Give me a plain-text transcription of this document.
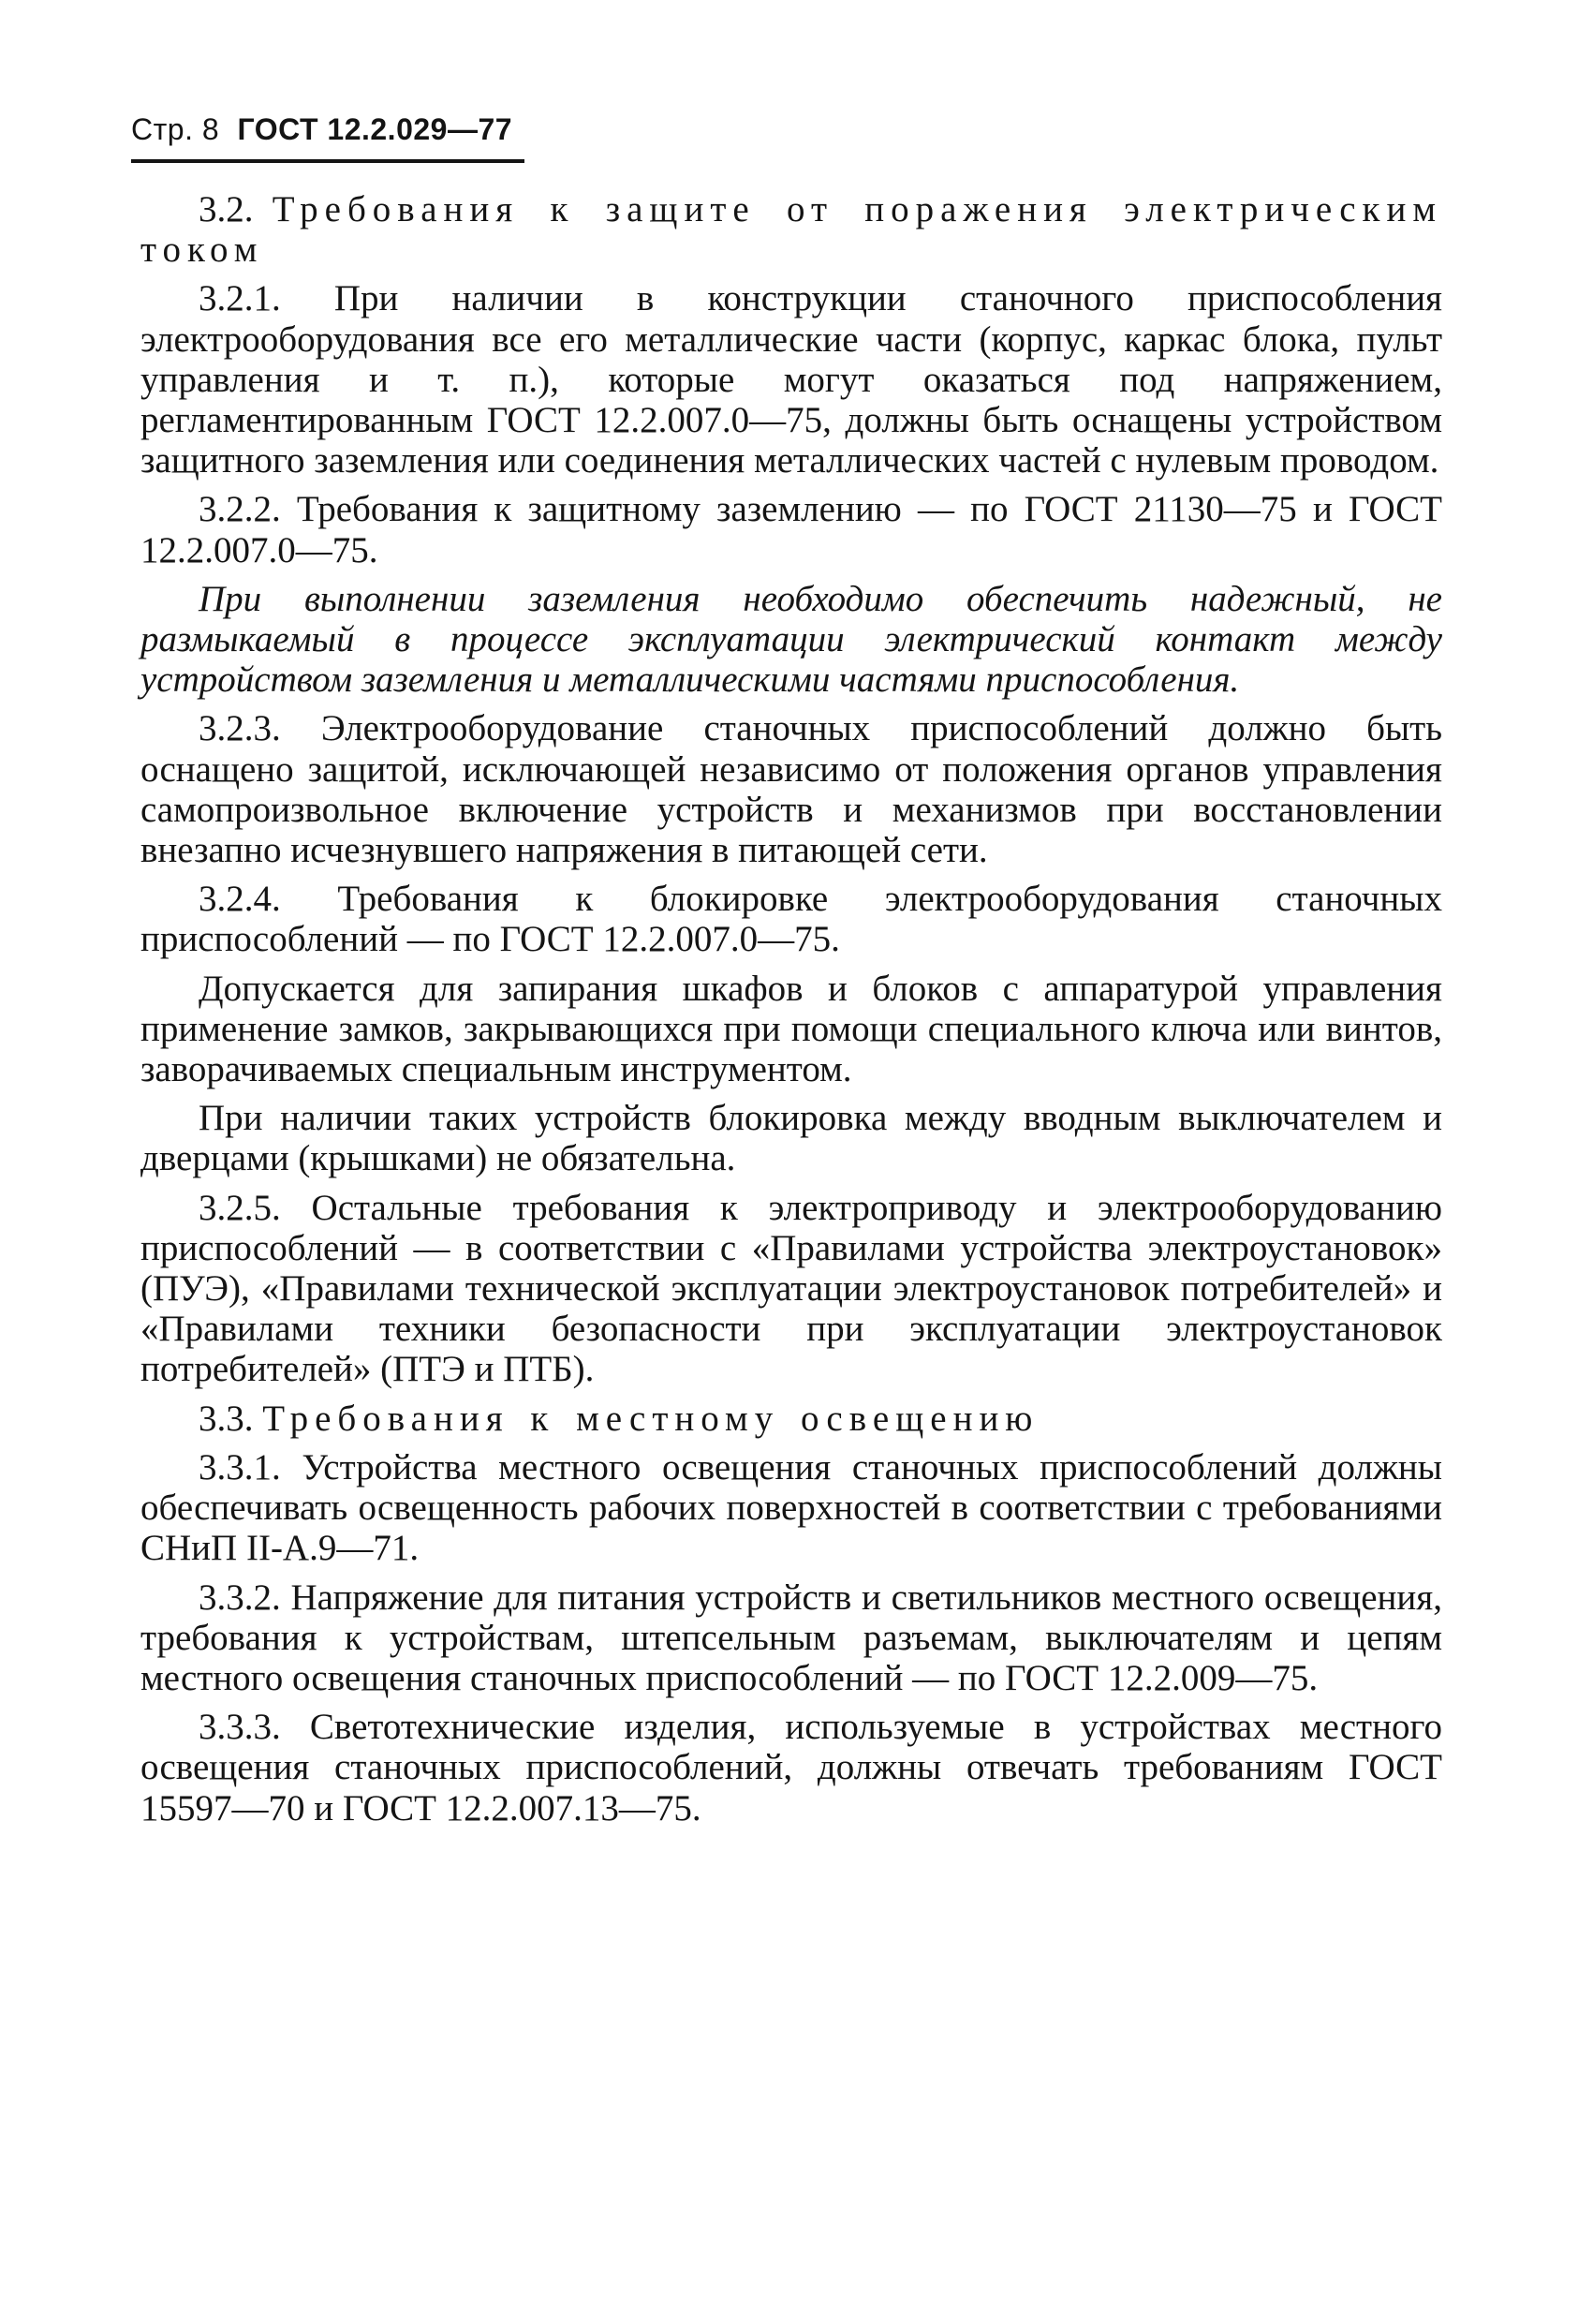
Стр. 8 ГОСТ 12.2.029—77

3.2. Требования к защите от поражения электрическим током

3.2.1. При наличии в конструкции станочного приспособления электрооборудования все его металлические части (корпус, каркас блока, пульт управления и т. п.), которые могут оказаться под напряжением, регламентированным ГОСТ 12.2.007.0—75, должны быть оснащены устройством защитного заземления или соединения металлических частей с нулевым проводом.

3.2.2. Требования к защитному заземлению — по ГОСТ 21130—75 и ГОСТ 12.2.007.0—75.

При выполнении заземления необходимо обеспечить надежный, не размыкаемый в процессе эксплуатации электрический контакт между устройством заземления и металлическими частями приспособления.

3.2.3. Электрооборудование станочных приспособлений должно быть оснащено защитой, исключающей независимо от положения органов управления самопроизвольное включение устройств и механизмов при восстановлении внезапно исчезнувшего напряжения в питающей сети.

3.2.4. Требования к блокировке электрооборудования станочных приспособлений — по ГОСТ 12.2.007.0—75.

Допускается для запирания шкафов и блоков с аппаратурой управления применение замков, закрывающихся при помощи специального ключа или винтов, заворачиваемых специальным инструментом.

При наличии таких устройств блокировка между вводным выключателем и дверцами (крышками) не обязательна.

3.2.5. Остальные требования к электроприводу и электрооборудованию приспособлений — в соответствии с «Правилами устройства электроустановок» (ПУЭ), «Правилами технической эксплуатации электроустановок потребителей» и «Правилами техники безопасности при эксплуатации электроустановок потребителей» (ПТЭ и ПТБ).

3.3. Требования к местному освещению

3.3.1. Устройства местного освещения станочных приспособлений должны обеспечивать освещенность рабочих поверхностей в соответствии с требованиями СНиП II-А.9—71.

3.3.2. Напряжение для питания устройств и светильников местного освещения, требования к устройствам, штепсельным разъемам, выключателям и цепям местного освещения станочных приспособлений — по ГОСТ 12.2.009—75.

3.3.3. Светотехнические изделия, используемые в устройствах местного освещения станочных приспособлений, должны отвечать требованиям ГОСТ 15597—70 и ГОСТ 12.2.007.13—75.
